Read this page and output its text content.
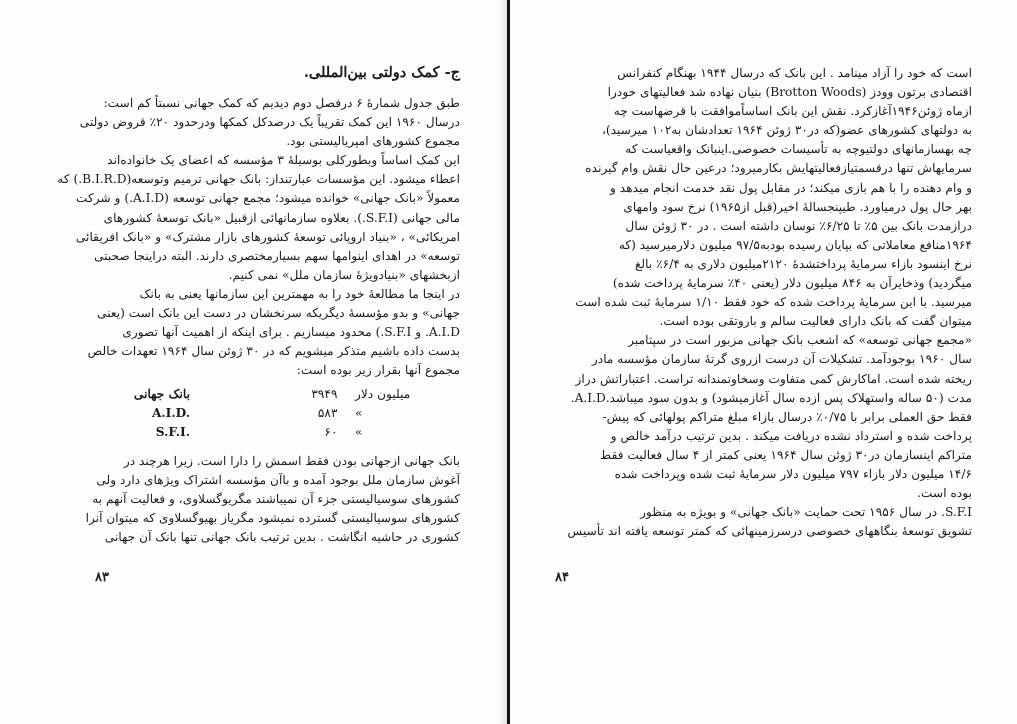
ج- کمک دولتی بین‌المللی.
طبق جدول شمارهٔ ۶ درفصل دوم دیدیم که کمک جهانی نسبتاً کم است:
درسال ۱۹۶۰ این کمک تقریباً یک درصدکل کمکها ودرحدود ۲۰٪ قروض دولتی
مجموع کشورهای امپریالیستی بود.
این کمک اساساً وبطورکلی بوسیلهٔ ۳ مؤسسه که اعضای یک خانواده‌اند
اعطاء میشود. این مؤسسات عبارتنداز: بانک جهانی ترمیم وتوسعه(B.I.R.D.) که
معمولاً «بانک جهانی» خوانده میشود؛ مجمع جهانی توسعه (A.I.D.) و شرکت
مالی جهانی (S.F.I.). بعلاوه سازمانهائی ازقبیل «بانک توسعهٔ کشورهای
امریکائی» ، «بنیاد اروپائی توسعهٔ کشورهای بازار مشترک» و «بانک افریقائی
توسعه» در اهدای اینوامها سهم بسیارمختصری دارند. البته دراینجا صحبتی
ازبخشهای «بنیادویژهٔ سازمان ملل» نمی کنیم.
در اینجا ما مطالعهٔ خود را به مهمترین این سازمانها یعنی به بانک
جهانی» و بدو مؤسسهٔ دیگریکه سرنخشان در دست این بانک است (یعنی
A.I.D. و S.F.I.) محدود میسازیم . برای اینکه از اهمیت آنها تصوری
بدست داده باشیم متذکر میشویم که در ۳۰ ژوئن سال ۱۹۶۴ تعهدات خالص
مجموع آنها بقرار زیر بوده است:
میلیون دلار
۳۹۴۹
بانک جهانی
»
۵۸۳
A.I.D.
»
۶۰
S.F.I.
بانک جهانی ازجهانی بودن فقط اسمش را دارا است. زیرا هرچند در
آغوش سازمان ملل بوجود آمده و باآن مؤسسه اشتراک ویژهای دارد ولی
کشورهای سوسیالیستی جزء آن نمیباشند مگریوگسلاوی، و فعالیت آنهم به
کشورهای سوسیالیستی گسترده نمیشود مگریاز بهیوگسلاوی که میتوان آنرا
کشوری در حاشیه انگاشت . بدین ترتیب بانک جهانی تنها بانک آن جهانی
۸۳
است که خود را آزاد مینامد . این بانک که درسال ۱۹۴۴ بهنگام کنفرانس
اقتصادی برتون وودز (Brotton Woods) بنیان نهاده شد فعالیتهای خودرا
ازماه ژوئن۱۹۴۶آغازکرد. نقش این بانک اساساًموافقت با قرضهاست چه
به دولتهای کشورهای عضو(که در۳۰ ژوئن ۱۹۶۴ تعدادشان به۱۰۲ میرسید)،
چه بهسازمانهای دولتیوچه به تأسیسات خصوصی.اینبانک واقعیاست که
سرمایهاش تنها درقسمتیازفعالیتهایش بکارمیرود؛ درعین حال نقش وام گیرنده
و وام دهنده را با هم بازی میکند؛ در مقابل پول نقد خدمت انجام میدهد و
بهر حال پول درمیاورد. طیپنجسالهٔ اخیر(قبل از۱۹۶۵) نرخ سود وامهای
درازمدت بانک بین ۵٪ تا ۶/۲۵٪ نوسان داشته است . در ۳۰ ژوئن سال
۱۹۶۴منافع معاملاتی که بپایان رسیده بودبه۹۷/۵ میلیون دلارمیرسید (که
نرخ اینسود بازاء سرمایهٔ پرداختشدهٔ ۲۱۲۰میلیون دلاری به ۶/۴٪ بالغ
میگردید) وذخایرآن به ۸۴۶ میلیون دلار (یعنی ۴۰٪ سرمایهٔ پرداخت شده)
میرسید. با این سرمایهٔ پرداخت شده که خود فقط ۱/۱۰ سرمایهٔ ثبت شده است
میتوان گفت که بانک دارای فعالیت سالم و باروتقی بوده است.
«مجمع جهانی توسعه» که اشعب بانک جهانی مزبور است در سپتامبر
سال ۱۹۶۰ بوجودآمد. تشکیلات آن درست ازروی گرتهٔ سازمان مؤسسه مادر
ریخته شده است. اماکارش کمی متفاوت وسخاوتمندانه تراست. اعتباراتش دراز
مدت (۵۰ ساله واستهلاک پس ازده سال آغازمیشود) و بدون سود میباشد.A.I.D.
فقط حق العملی برابر با ۰/۷۵٪ درسال بازاء مبلغ متراکم پولهائی که پیش-
پرداخت شده و استرداد نشده دریافت میکند . بدین ترتیب درآمد خالص و
متراکم اینسازمان در۳۰ ژوئن سال ۱۹۶۴ یعنی کمتر از ۴ سال فعالیت فقط
۱۴/۶ میلیون دلار بازاء ۷۹۷ میلیون دلار سرمایهٔ ثبت شده وپرداخت شده
بوده است.
S.F.I. در سال ۱۹۵۶ تحت حمایت «بانک جهانی» و بویژه به منظور
تشویق توسعهٔ بنگاههای خصوصی درسرزمینهائی که کمتر توسعه یافته اند تأسیس
۸۴
